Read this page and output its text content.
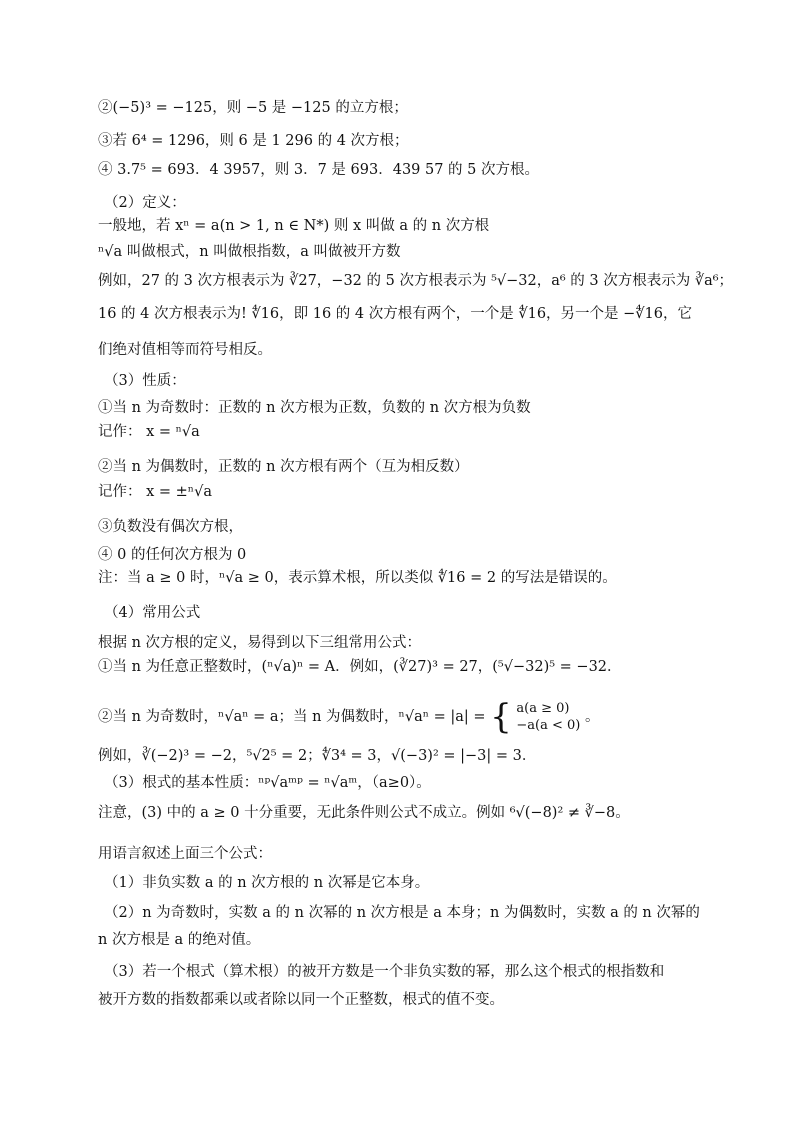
②(−5)³ = −125，则 −5 是 −125 的立方根；
③若 6⁴ = 1296，则 6 是 1 296 的 4 次方根；
④ 3.7⁵ = 693．4 3957，则 3．7 是 693．439 57 的 5 次方根。
（2）定义：
一般地，若 xⁿ = a(n > 1, n ∈ N*) 则 x 叫做 a 的 n 次方根
ⁿ√a 叫做根式，n 叫做根指数，a 叫做被开方数
例如，27 的 3 次方根表示为 ∛27，−32 的 5 次方根表示为 ⁵√−32，a⁶ 的 3 次方根表示为 ∛a⁶；
16 的 4 次方根表示为! ∜16，即 16 的 4 次方根有两个，一个是 ∜16，另一个是 −∜16，它
们绝对值相等而符号相反。
（3）性质：
①当 n 为奇数时：正数的 n 次方根为正数，负数的 n 次方根为负数
记作： x = ⁿ√a
②当 n 为偶数时，正数的 n 次方根有两个（互为相反数）
记作： x = ±ⁿ√a
③负数没有偶次方根，
④ 0 的任何次方根为 0
注：当 a ≥ 0 时，ⁿ√a ≥ 0，表示算术根，所以类似 ∜16 = 2 的写法是错误的。
（4）常用公式
根据 n 次方根的定义，易得到以下三组常用公式：
①当 n 为任意正整数时，(ⁿ√a)ⁿ = A．例如，(∛27)³ = 27，(⁵√−32)⁵ = −32．
②当 n 为奇数时，ⁿ√aⁿ = a；当 n 为偶数时，ⁿ√aⁿ = |a| = { a(a ≥ 0)
−a(a < 0) 。
例如，∛(−2)³ = −2，⁵√2⁵ = 2；∜3⁴ = 3，√(−3)² = |−3| = 3．
（3）根式的基本性质：ⁿᵖ√aᵐᵖ = ⁿ√aᵐ，（a≥0）。
注意，(3) 中的 a ≥ 0 十分重要，无此条件则公式不成立。例如 ⁶√(−8)² ≠ ∛−8。
用语言叙述上面三个公式：
（1）非负实数 a 的 n 次方根的 n 次幂是它本身。
（2）n 为奇数时，实数 a 的 n 次幂的 n 次方根是 a 本身；n 为偶数时，实数 a 的 n 次幂的
n 次方根是 a 的绝对值。
（3）若一个根式（算术根）的被开方数是一个非负实数的幂，那么这个根式的根指数和
被开方数的指数都乘以或者除以同一个正整数，根式的值不变。
